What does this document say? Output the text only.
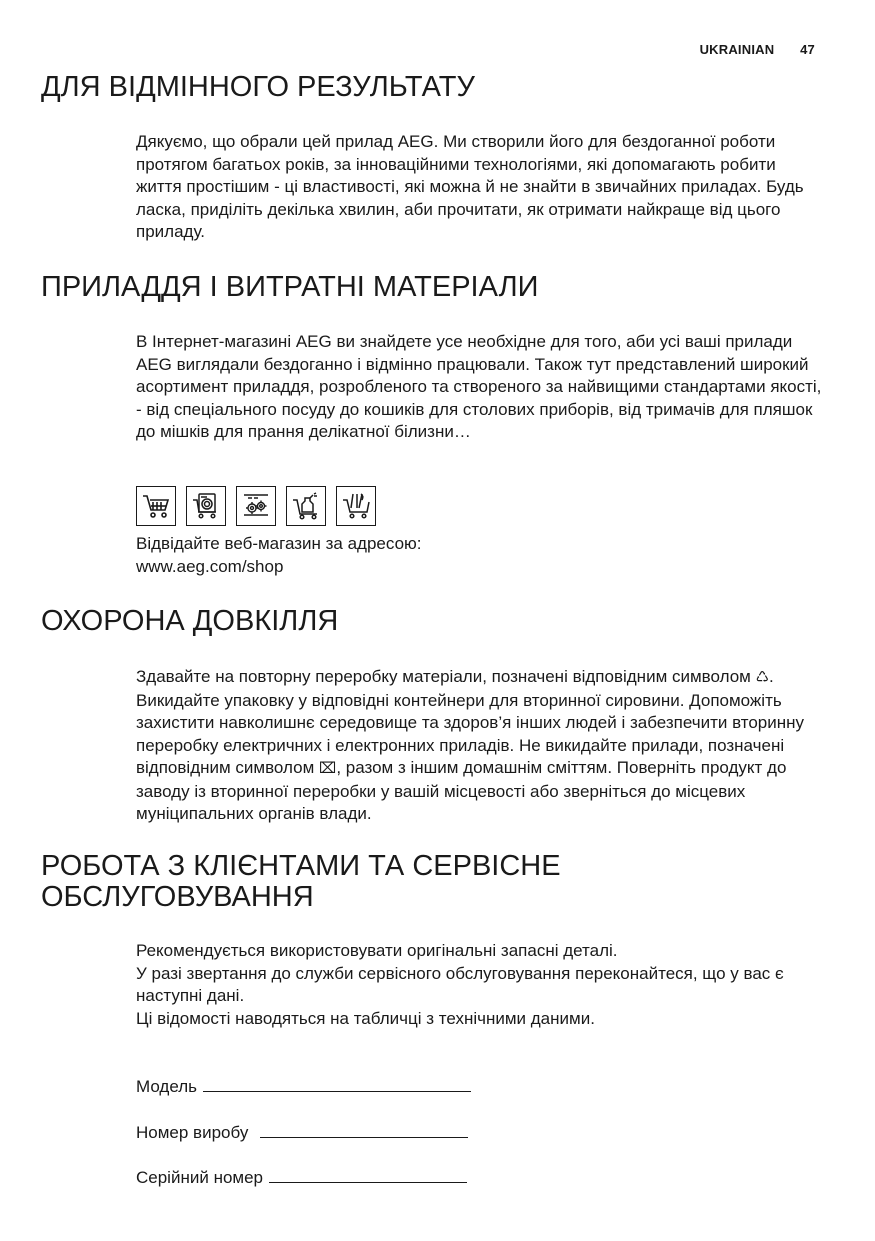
UKRAINIAN 47
ДЛЯ ВІДМІННОГО РЕЗУЛЬТАТУ

Дякуємо, що обрали цей прилад AEG. Ми створили його для бездоганної роботи протягом багатьох років, за інноваційними технологіями, які допомагають робити життя простішим - ці властивості, які можна й не знайти в звичайних приладах. Будь ласка, приділіть декілька хвилин, аби прочитати, як отримати найкраще від цього приладу.

ПРИЛАДДЯ І ВИТРАТНІ МАТЕРІАЛИ

В Інтернет-магазині AEG ви знайдете усе необхідне для того, аби усі ваші прилади AEG виглядали бездоганно і відмінно працювали. Також тут представлений широкий асортимент приладдя, розробленого та створеного за найвищими стандартами якості, - від спеціального посуду до кошиків для столових приборів, від тримачів для пляшок до мішків для прання делікатної білизни…

Відвідайте веб-магазин за адресою:

www.aeg.com/shop

ОХОРОНА ДОВКІЛЛЯ

Здавайте на повторну переробку матеріали, позначені відповідним символом ♺. Викидайте упаковку у відповідні контейнери для вторинної сировини. Допоможіть захистити навколишнє середовище та здоров’я інших людей і забезпечити вторинну переробку електричних і електронних приладів. Не викидайте прилади, позначені відповідним символом ⌧, разом з іншим домашнім сміттям. Поверніть продукт до заводу із вторинної переробки у вашій місцевості або зверніться до місцевих муніципальних органів влади.

РОБОТА З КЛІЄНТАМИ ТА СЕРВІСНЕ
ОБСЛУГОВУВАННЯ

Рекомендується використовувати оригінальні запасні деталі.

У разі звертання до служби сервісного обслуговування переконайтеся, що у вас є наступні дані.

Ці відомості наводяться на табличці з технічними даними.

Модель
Номер виробу
Серійний номер
